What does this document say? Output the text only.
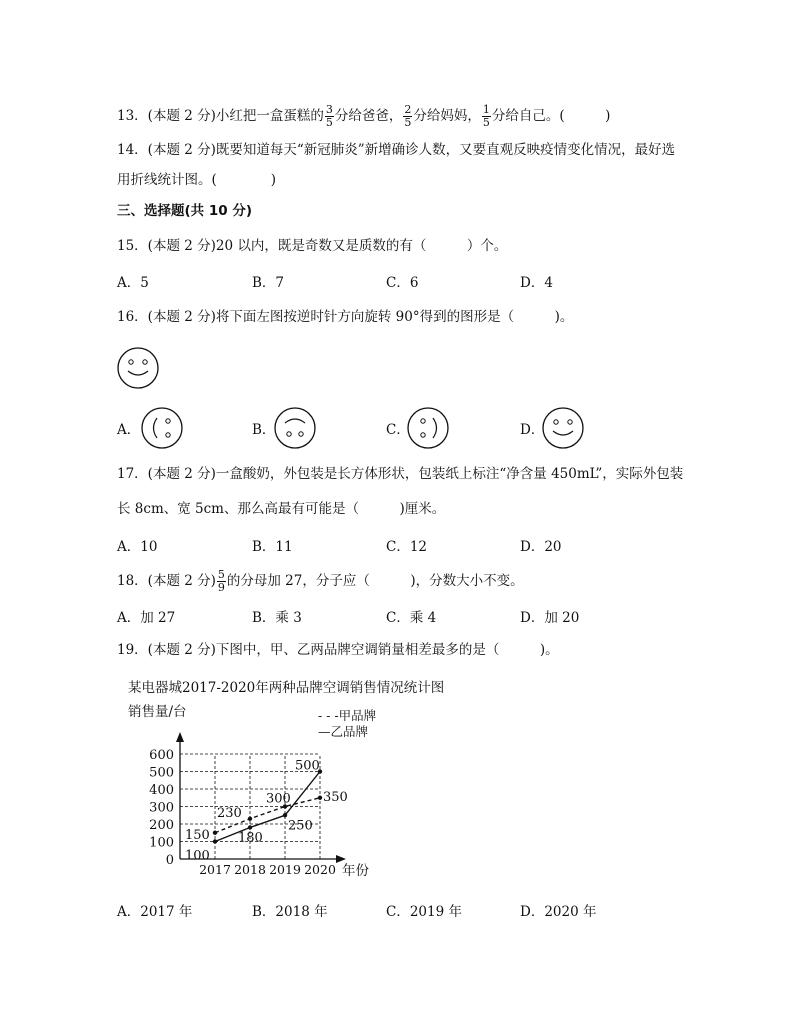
13．(本题 2 分)小红把一盒蛋糕的 $\frac{3}{5}$ 分给爸爸， $\frac{2}{5}$ 分给妈妈， $\frac{1}{5}$ 分给自己。(　　　)
14．(本题 2 分)既要知道每天“新冠肺炎”新增确诊人数，又要直观反映疫情变化情况，最好选
用折线统计图。(　　　　)
三、选择题(共 10 分)
15．(本题 2 分)20 以内，既是奇数又是质数的有（　　　）个。
A．5	B．7	C．6	D．4
16．(本题 2 分)将下面左图按逆时针方向旋转 90°得到的图形是（　　　)。
A．	B．	C．	D．
17．(本题 2 分)一盒酸奶，外包装是长方体形状，包装纸上标注“净含量 450mL”，实际外包装
长 8cm、宽 5cm、那么高最有可能是（　　　)厘米。
A．10	B．11	C．12	D．20
18．(本题 2 分) $\frac{5}{9}$ 的分母加 27，分子应（　　　)，分数大小不变。
A．加 27	B．乘 3	C．乘 4	D．加 20
19．(本题 2 分)下图中，甲、乙两品牌空调销量相差最多的是（　　　)。
某电器城2017-2020年两种品牌空调销售情况统计图
销售量/台
年份
- - -甲品牌
—乙品牌
0
100
200
300
400
500
600
2017 2018 2019 2020
150
230
300 350
100
180
250
500
A．2017 年	B．2018 年	C．2019 年	D．2020 年
